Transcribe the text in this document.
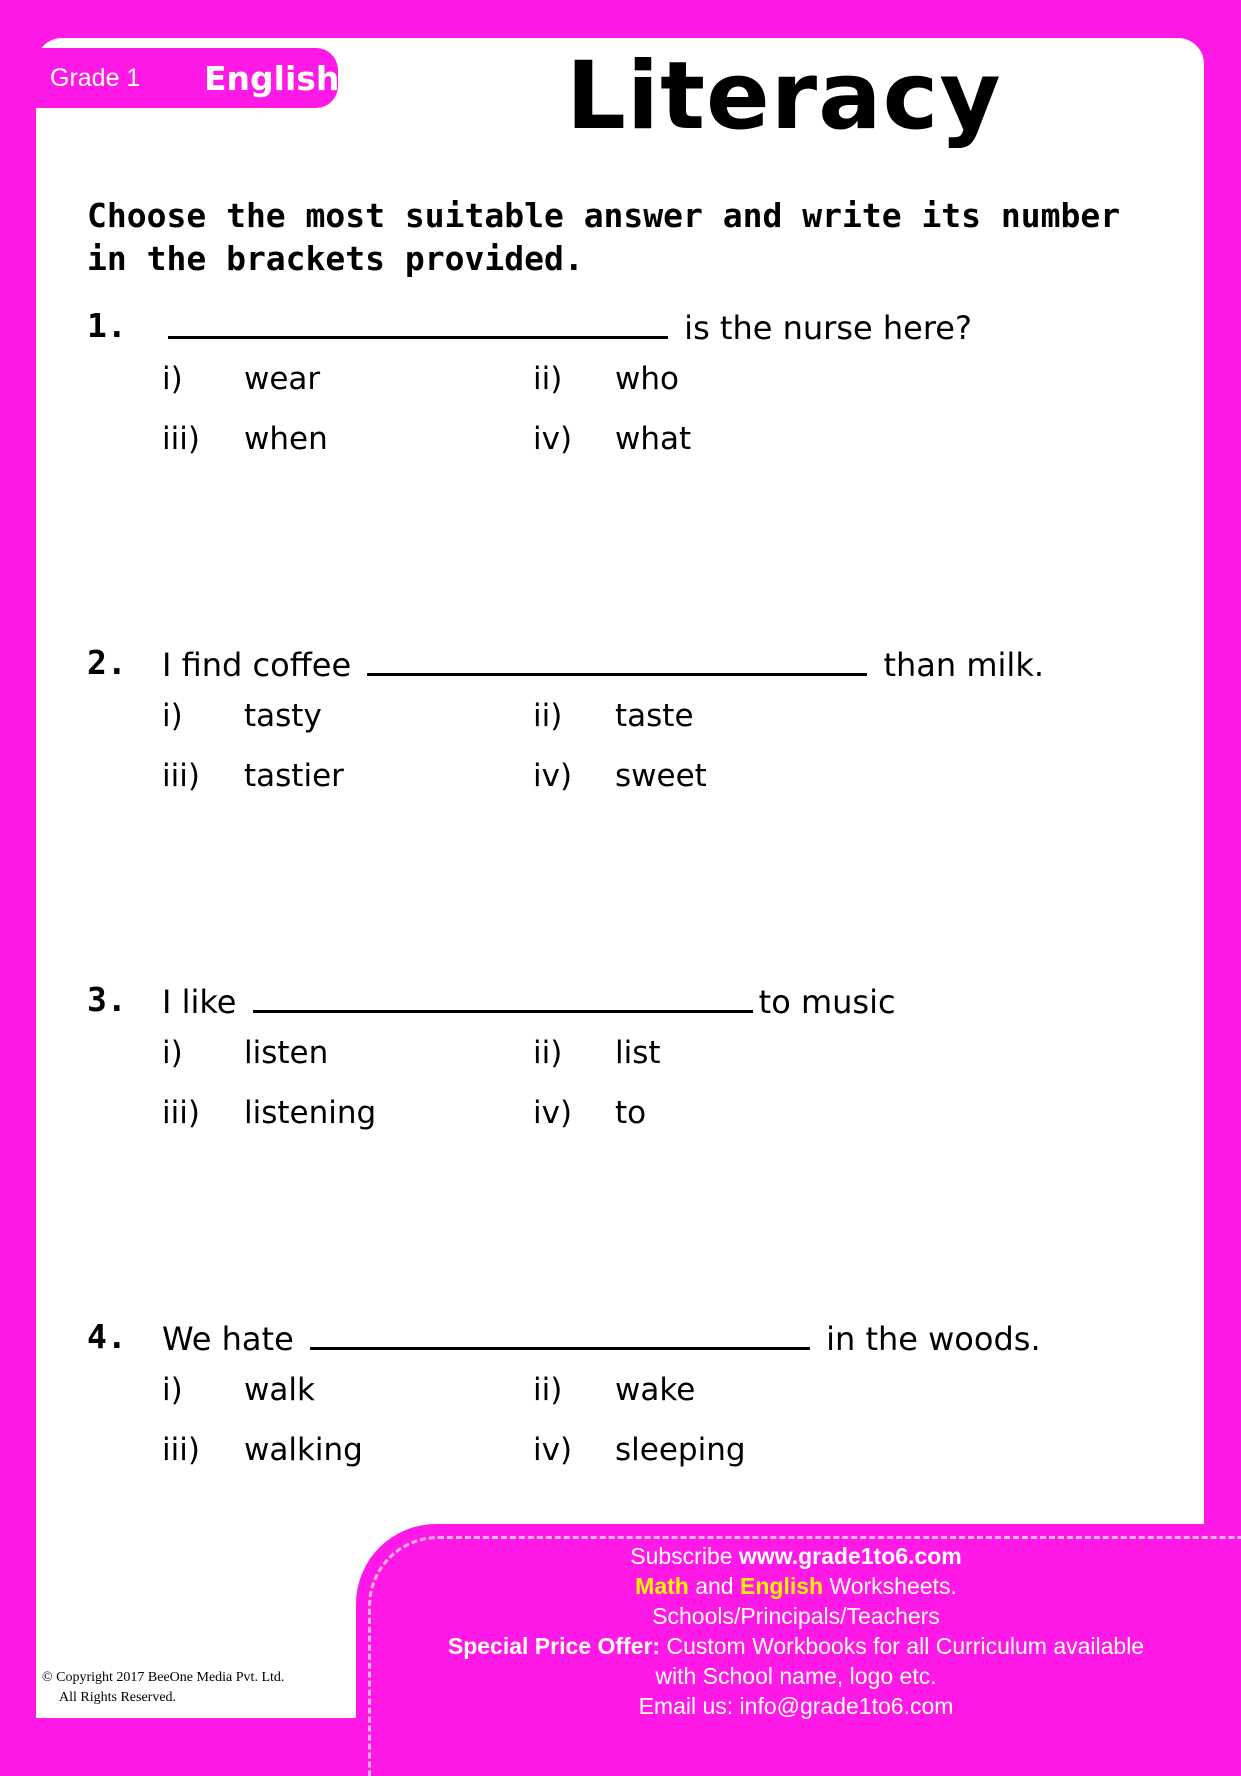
Grade 1 English Literacy
Choose the most suitable answer and write its number in the brackets provided.
1.	is the nurse here?
i) wear	ii) who
iii) when	iv) what
2. I find coffee	than milk.
i) tasty	ii) taste
iii) tastier	iv) sweet
3. I like	to music
i) listen	ii) list
iii) listening	iv) to
4. We hate	in the woods.
i) walk	ii) wake
iii) walking	iv) sleeping
Subscribe www.grade1to6.com
Math and English Worksheets.
Schools/Principals/Teachers
Special Price Offer: Custom Workbooks for all Curriculum available
with School name, logo etc.
Email us: info@grade1to6.com
© Copyright 2017 BeeOne Media Pvt. Ltd.
All Rights Reserved.
